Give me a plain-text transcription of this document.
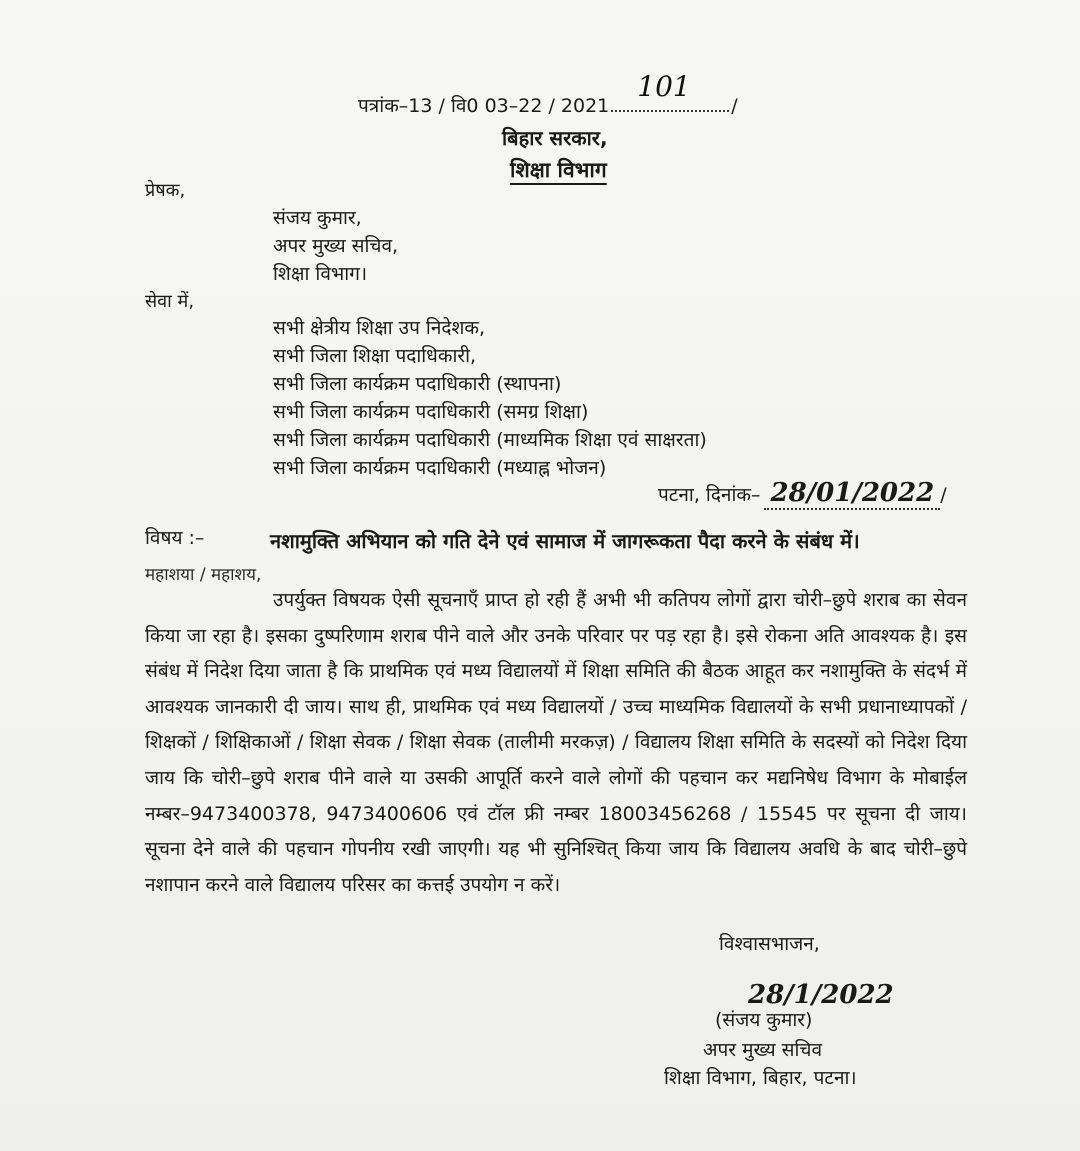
पत्रांक–13 / वि0 03–22 / 2021
101
/
बिहार सरकार,
शिक्षा विभाग
प्रेषक,
संजय कुमार,
अपर मुख्य सचिव,
शिक्षा विभाग।
सेवा में,
सभी क्षेत्रीय शिक्षा उप निदेशक,
सभी जिला शिक्षा पदाधिकारी,
सभी जिला कार्यक्रम पदाधिकारी (स्थापना)
सभी जिला कार्यक्रम पदाधिकारी (समग्र शिक्षा)
सभी जिला कार्यक्रम पदाधिकारी (माध्यमिक शिक्षा एवं साक्षरता)
सभी जिला कार्यक्रम पदाधिकारी (मध्याह्न भोजन)
पटना, दिनांक– 28/01/2022 /
विषय :–	नशामुक्ति अभियान को गति देने एवं सामाज में जागरूकता पैदा करने के संबंध में।
महाशया / महाशय,
उपर्युक्त विषयक ऐसी सूचनाएँ प्राप्त हो रही हैं अभी भी कतिपय लोगों द्वारा चोरी–छुपे शराब का सेवन किया जा रहा है। इसका दुष्परिणाम शराब पीने वाले और उनके परिवार पर पड़ रहा है। इसे रोकना अति आवश्यक है। इस संबंध में निदेश दिया जाता है कि प्राथमिक एवं मध्य विद्यालयों में शिक्षा समिति की बैठक आहूत कर नशामुक्ति के संदर्भ में आवश्यक जानकारी दी जाय। साथ ही, प्राथमिक एवं मध्य विद्यालयों / उच्च माध्यमिक विद्यालयों के सभी प्रधानाध्यापकों / शिक्षकों / शिक्षिकाओं / शिक्षा सेवक / शिक्षा सेवक (तालीमी मरकज़) / विद्यालय शिक्षा समिति के सदस्यों को निदेश दिया जाय कि चोरी–छुपे शराब पीने वाले या उसकी आपूर्ति करने वाले लोगों की पहचान कर मद्यनिषेध विभाग के मोबाईल नम्बर–9473400378, 9473400606 एवं टॉल फ्री नम्बर 18003456268 / 15545 पर सूचना दी जाय। सूचना देने वाले की पहचान गोपनीय रखी जाएगी। यह भी सुनिश्चित् किया जाय कि विद्यालय अवधि के बाद चोरी–छुपे नशापान करने वाले विद्यालय परिसर का कत्तई उपयोग न करें।
विश्वासभाजन,
28/1/2022
(संजय कुमार)
अपर मुख्य सचिव
शिक्षा विभाग, बिहार, पटना।
